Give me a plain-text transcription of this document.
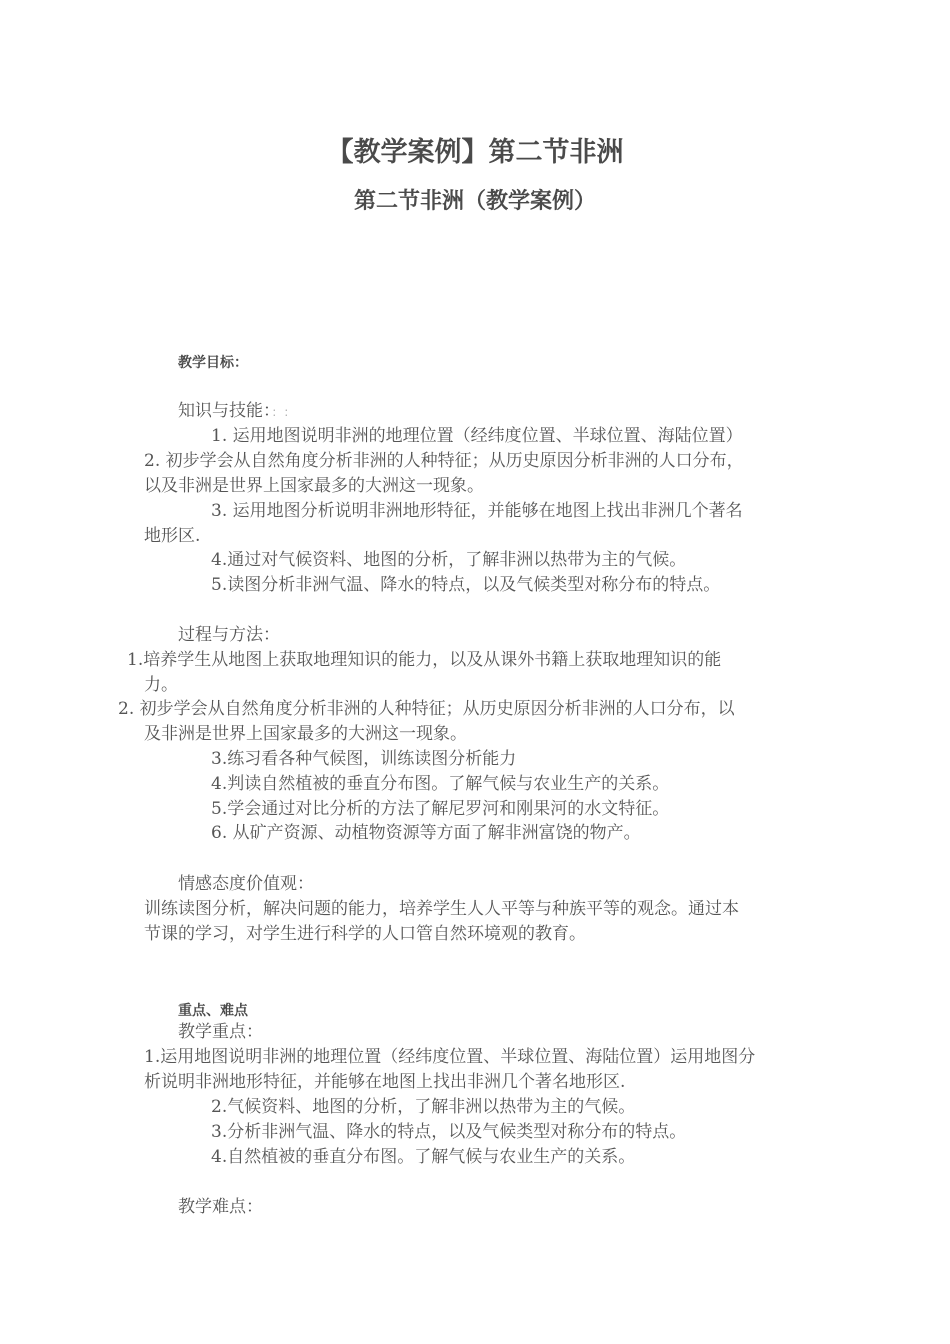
【教学案例】第二节非洲
第二节非洲（教学案例）
教学目标：
知识与技能：：：
1. 运用地图说明非洲的地理位置（经纬度位置、半球位置、海陆位置）
2. 初步学会从自然角度分析非洲的人种特征；从历史原因分析非洲的人口分布，
以及非洲是世界上国家最多的大洲这一现象。
3. 运用地图分析说明非洲地形特征，并能够在地图上找出非洲几个著名
地形区.
4.通过对气候资料、地图的分析，了解非洲以热带为主的气候。
5.读图分析非洲气温、降水的特点，以及气候类型对称分布的特点。
过程与方法：
1.培养学生从地图上获取地理知识的能力，以及从课外书籍上获取地理知识的能
力。
2. 初步学会从自然角度分析非洲的人种特征；从历史原因分析非洲的人口分布，以
及非洲是世界上国家最多的大洲这一现象。
3.练习看各种气候图，训练读图分析能力
4.判读自然植被的垂直分布图。了解气候与农业生产的关系。
5.学会通过对比分析的方法了解尼罗河和刚果河的水文特征。
6. 从矿产资源、动植物资源等方面了解非洲富饶的物产。
情感态度价值观：
训练读图分析，解决问题的能力，培养学生人人平等与种族平等的观念。通过本
节课的学习，对学生进行科学的人口管自然环境观的教育。
重点、难点
教学重点：
1.运用地图说明非洲的地理位置（经纬度位置、半球位置、海陆位置）运用地图分
析说明非洲地形特征，并能够在地图上找出非洲几个著名地形区.
2.气候资料、地图的分析，了解非洲以热带为主的气候。
3.分析非洲气温、降水的特点，以及气候类型对称分布的特点。
4.自然植被的垂直分布图。了解气候与农业生产的关系。
教学难点：
